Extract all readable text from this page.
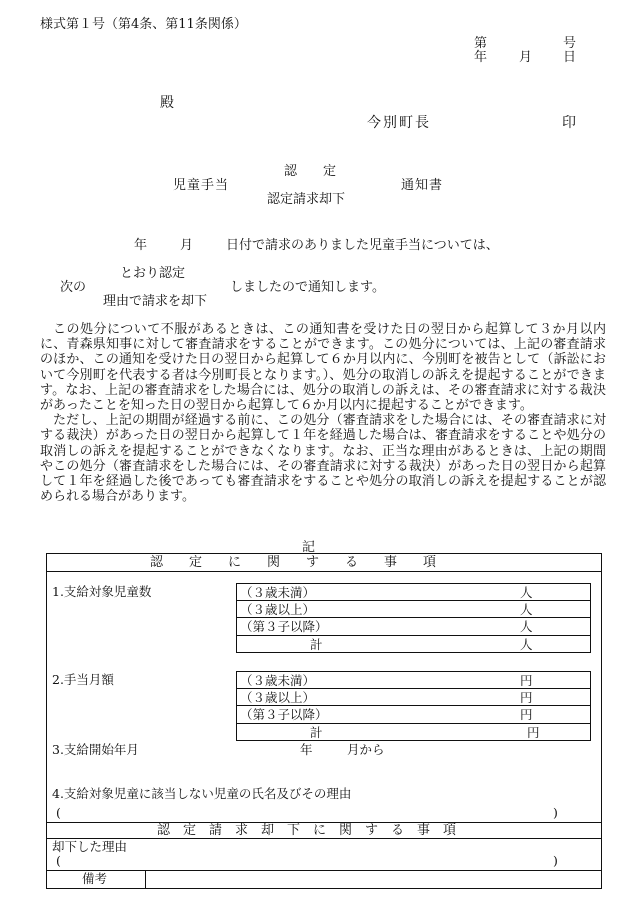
様式第１号（第4条、第11条関係）
第	号
年 月 日
殿
今別町長	印
認　　定
児童手当	通知書
認定請求却下
年	月	日付で請求のありました児童手当については、
とおり認定
次の	しましたので通知します。
理由で請求を却下

この処分について不服があるときは、この通知書を受けた日の翌日から起算して３か月以内に、青森県知事に対して審査請求をすることができます。この処分については、上記の審査請求のほか、この通知を受けた日の翌日から起算して６か月以内に、今別町を被告として（訴訟において今別町を代表する者は今別町長となります。）、処分の取消しの訴えを提起することができます。なお、上記の審査請求をした場合には、処分の取消しの訴えは、その審査請求に対する裁決があったことを知った日の翌日から起算して６か月以内に提起することができます。

ただし、上記の期間が経過する前に、この処分（審査請求をした場合には、その審査請求に対する裁決）があった日の翌日から起算して１年を経過した場合は、審査請求をすることや処分の取消しの訴えを提起することができなくなります。なお、正当な理由があるときは、上記の期間やこの処分（審査請求をした場合には、その審査請求に対する裁決）があった日の翌日から起算して１年を経過した後であっても審査請求をすることや処分の取消しの訴えを提起することが認められる場合があります。

記
認　　定　　に　　関　　す　　る　　事　　項
1.支給対象児童数	（３歳未満）	人
（３歳以上）	人
（第３子以降）	人
計	人
2.手当月額	（３歳未満）	円
（３歳以上）	円
（第３子以降）	円
計	円
3.支給開始年月	年	月から
4.支給対象児童に該当しない児童の氏名及びその理由
(	)
認　定　請　求　却　下　に　関　す　る　事　項
却下した理由
(	)
備考
